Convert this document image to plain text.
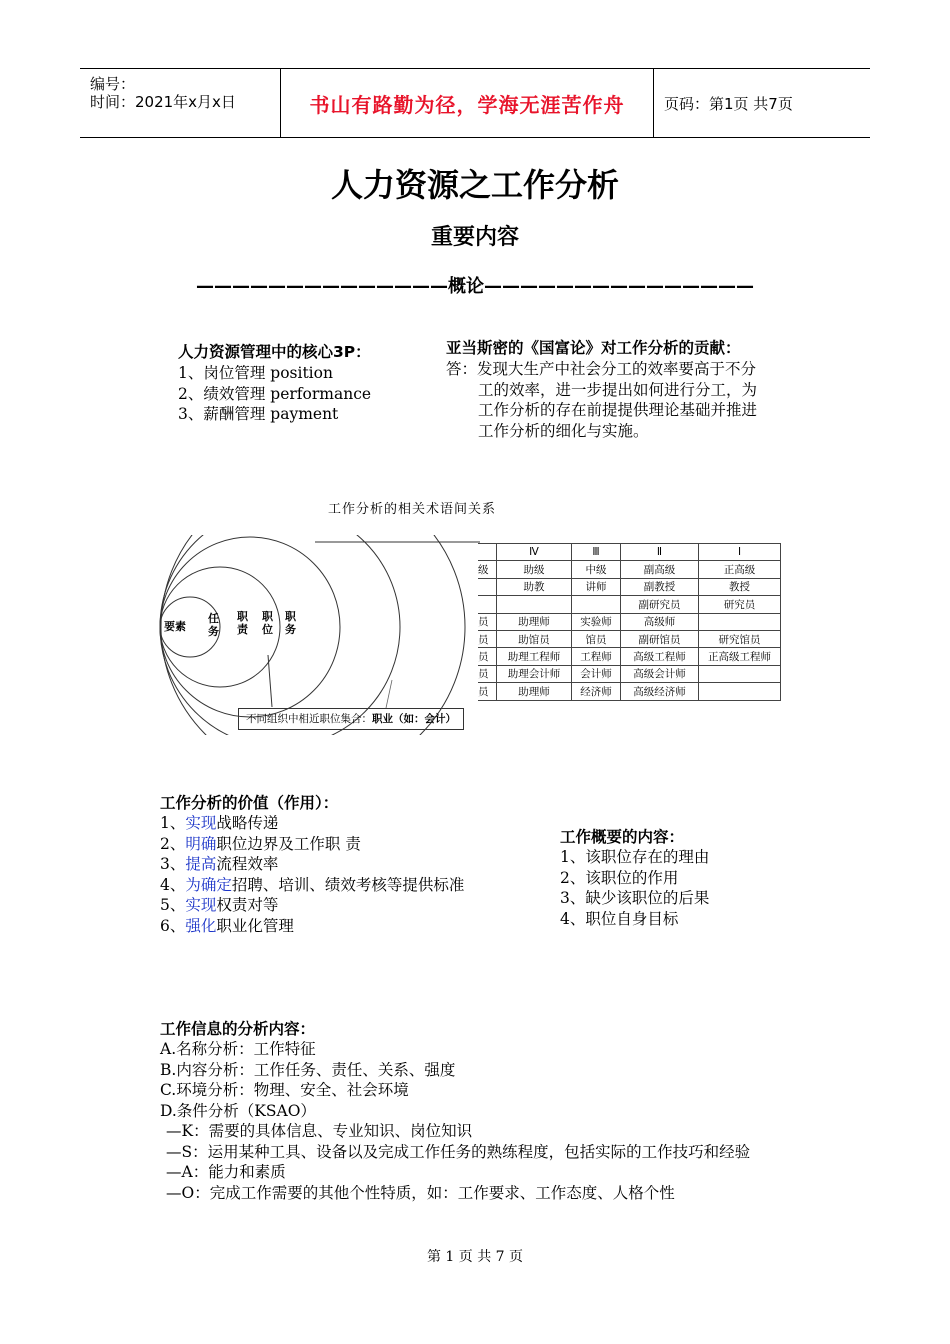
编号：
时间：2021年x月x日	书山有路勤为径，学海无涯苦作舟	页码：第1页 共7页
人力资源之工作分析
重要内容
——————————————概论———————————————
人力资源管理中的核心3P：
1、岗位管理 position
2、绩效管理 performance
3、薪酬管理 payment
亚当斯密的《国富论》对工作分析的贡献：
答：发现大生产中社会分工的效率要高于不分
工的效率，进一步提出如何进行分工，为
工作分析的存在前提提供理论基础并推进
工作分析的细化与实施。
工作分析的相关术语间关系
要素
任务
职责
职位
职务
不同组织中相近职位集合：职业（如：会计）
	Ⅳ	Ⅲ	Ⅱ	Ⅰ
级	助级	中级	副高级	正高级
	助教	讲师	副教授	教授
			副研究员	研究员
员	助理师	实验师	高级师	
员	助馆员	馆员	副研馆员	研究馆员
员	助理工程师	工程师	高级工程师	正高级工程师
员	助理会计师	会计师	高级会计师	
员	助理师	经济师	高级经济师	
工作分析的价值（作用）：
1、实现战略传递
2、明确职位边界及工作职 责
3、提高流程效率
4、为确定招聘、培训、绩效考核等提供标准
5、实现权责对等
6、强化职业化管理
工作概要的内容：
1、该职位存在的理由
2、该职位的作用
3、缺少该职位的后果
4、职位自身目标
工作信息的分析内容：
A.名称分析：工作特征
B.内容分析：工作任务、责任、关系、强度
C.环境分析：物理、安全、社会环境
D.条件分析（KSAO）
—K：需要的具体信息、专业知识、岗位知识
—S：运用某种工具、设备以及完成工作任务的熟练程度，包括实际的工作技巧和经验
—A：能力和素质
—O：完成工作需要的其他个性特质，如：工作要求、工作态度、人格个性
第 1 页 共 7 页
